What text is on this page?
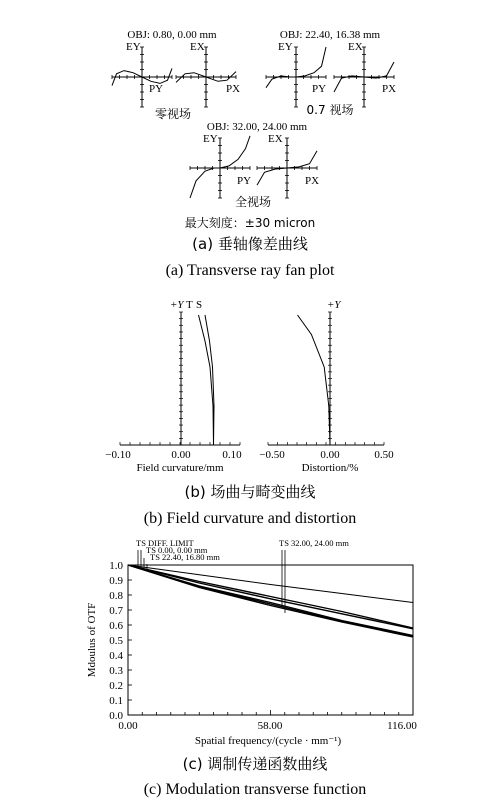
OBJ: 0.80, 0.00 mm
EY
PY
EX
PX
零视场
OBJ: 22.40, 16.38 mm
EY
PY
EX
PX
0.7 视场
OBJ: 32.00, 24.00 mm
EY
PY
EX
PX
全视场
最大刻度：±30 micron
(a) 垂轴像差曲线
(a) Transverse ray fan plot
+Y T S
−0.10	0.00	0.10
Field curvature/mm
+Y
−0.50	0.00	0.50
Distortion/%
(b) 场曲与畸变曲线
(b) Field curvature and distortion
0.0
0.1
0.2
0.3
0.4
0.5
0.6
0.7
0.8
0.9
1.0
TS DIFF. LIMIT
TS 0.00, 0.00 mm
TS 22.40, 16.80 mm
TS 32.00, 24.00 mm
0.00	58.00	116.00
Spatial frequency/(cycle · mm⁻¹)
Mdoulus of OTF
(c) 调制传递函数曲线
(c) Modulation transverse function
